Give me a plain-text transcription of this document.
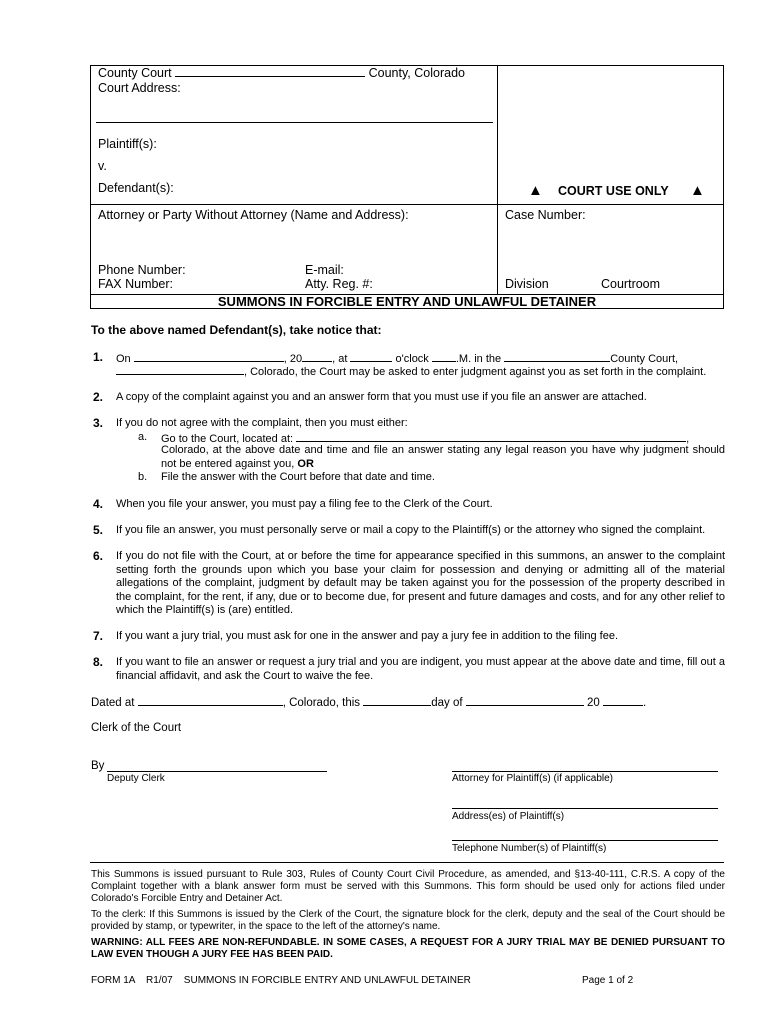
County Court	County, Colorado
Court Address:
Plaintiff(s):
v.
Defendant(s):	▲ COURT USE ONLY ▲
Attorney or Party Without Attorney (Name and Address):	Case Number:
Phone Number:	E-mail:
FAX Number:	Atty. Reg. #:	Division	Courtroom
SUMMONS IN FORCIBLE ENTRY AND UNLAWFUL DETAINER
To the above named Defendant(s), take notice that:
1. On	, 20	, at	o'clock .M. in the	County Court,
, Colorado, the Court may be asked to enter judgment against you as set forth in the complaint.
2. A copy of the complaint against you and an answer form that you must use if you file an answer are attached.
3. If you do not agree with the complaint, then you must either:
a. Go to the Court, located at:	,
Colorado, at the above date and time and file an answer stating any legal reason you have why judgment should not be entered against you, OR
b. File the answer with the Court before that date and time.
4. When you file your answer, you must pay a filing fee to the Clerk of the Court.
5. If you file an answer, you must personally serve or mail a copy to the Plaintiff(s) or the attorney who signed the complaint.
6. If you do not file with the Court, at or before the time for appearance specified in this summons, an answer to the complaint setting forth the grounds upon which you base your claim for possession and denying or admitting all of the material allegations of the complaint, judgment by default may be taken against you for the possession of the property described in the complaint, for the rent, if any, due or to become due, for present and future damages and costs, and for any other relief to which the Plaintiff(s) is (are) entitled.
7. If you want a jury trial, you must ask for one in the answer and pay a jury fee in addition to the filing fee.
8. If you want to file an answer or request a jury trial and you are indigent, you must appear at the above date and time, fill out a financial affidavit, and ask the Court to waive the fee.
Dated at	, Colorado, this	day of	20	.
Clerk of the Court
By
Deputy Clerk	Attorney for Plaintiff(s) (if applicable)
Address(es) of Plaintiff(s)
Telephone Number(s) of Plaintiff(s)
This Summons is issued pursuant to Rule 303, Rules of County Court Civil Procedure, as amended, and §13-40-111, C.R.S. A copy of the Complaint together with a blank answer form must be served with this Summons. This form should be used only for actions filed under Colorado's Forcible Entry and Detainer Act.
To the clerk: If this Summons is issued by the Clerk of the Court, the signature block for the clerk, deputy and the seal of the Court should be provided by stamp, or typewriter, in the space to the left of the attorney's name.
WARNING: ALL FEES ARE NON-REFUNDABLE. IN SOME CASES, A REQUEST FOR A JURY TRIAL MAY BE DENIED PURSUANT TO LAW EVEN THOUGH A JURY FEE HAS BEEN PAID.
FORM 1A    R1/07    SUMMONS IN FORCIBLE ENTRY AND UNLAWFUL DETAINER	Page 1 of 2
